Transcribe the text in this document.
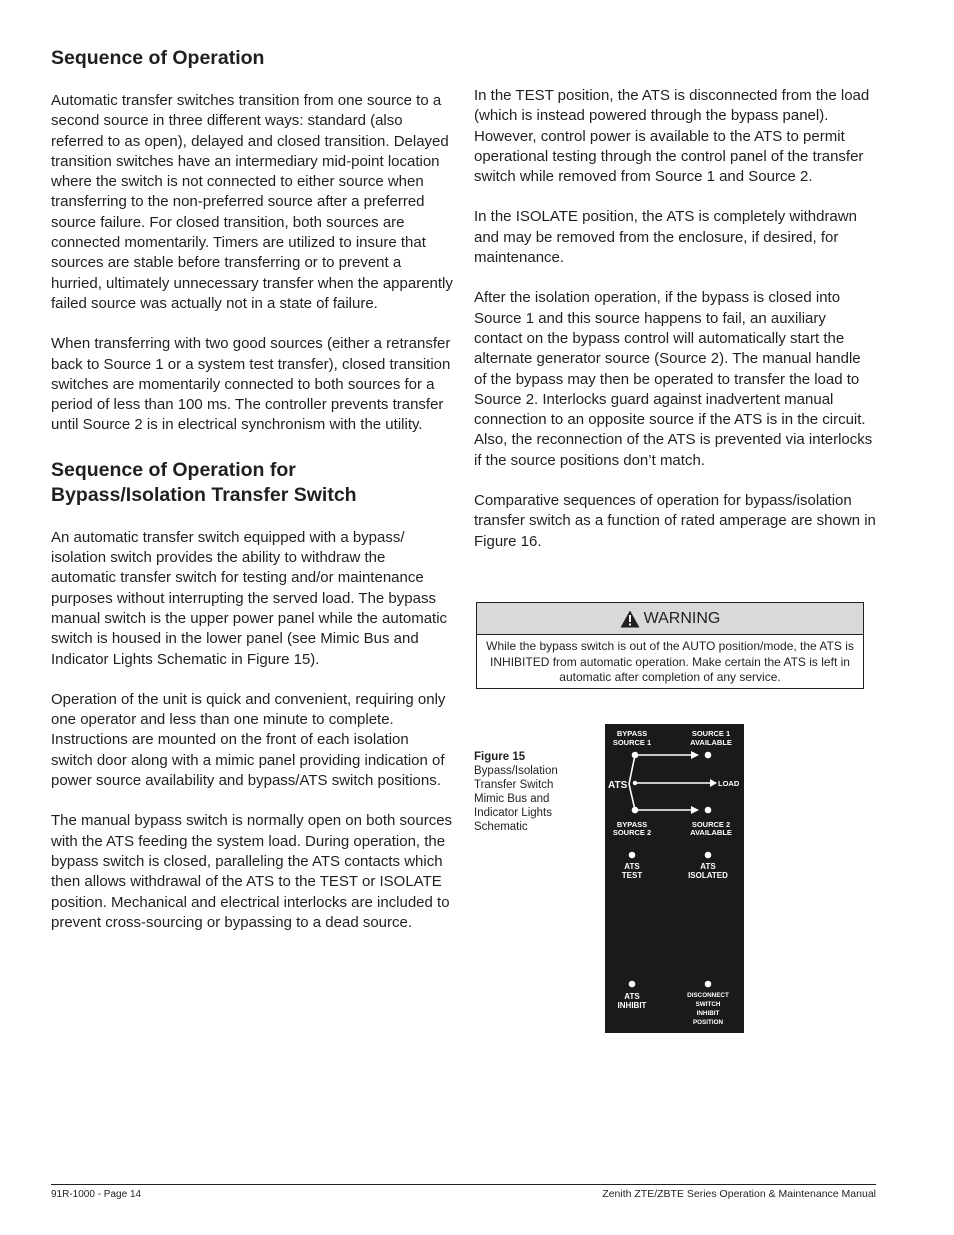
Sequence of Operation

Automatic transfer switches transition from one source to a second source in three different ways: standard (also referred to as open), delayed and closed transition. Delayed transition switches have an intermediary mid-point location where the switch is not connected to either source when transferring to the non-preferred source after a preferred source failure. For closed transition, both sources are connected momentarily. Timers are utilized to insure that sources are stable before transferring or to prevent a hurried, ultimately unnecessary transfer when the apparently failed source was actually not in a state of failure.

When transferring with two good sources (either a retransfer back to Source 1 or a system test transfer), closed transition switches are momentarily connected to both sources for a period of less than 100 ms. The controller prevents transfer until Source 2 is in electrical synchronism with the utility.

Sequence of Operation for
Bypass/Isolation Transfer Switch

An automatic transfer switch equipped with a bypass/ isolation switch provides the ability to withdraw the automatic transfer switch for testing and/or maintenance purposes without interrupting the served load. The bypass manual switch is the upper power panel while the automatic switch is housed in the lower panel (see Mimic Bus and Indicator Lights Schematic in Figure 15).

Operation of the unit is quick and convenient, requiring only one operator and less than one minute to complete. Instructions are mounted on the front of each isolation switch door along with a mimic panel providing indication of power source availability and bypass/ATS switch positions.

The manual bypass switch is normally open on both sources with the ATS feeding the system load. During operation, the bypass switch is closed, paralleling the ATS contacts which then allows withdrawal of the ATS to the TEST or ISOLATE position. Mechanical and electrical interlocks are included to prevent cross-sourcing or bypassing to a dead source.

In the TEST position, the ATS is disconnected from the load (which is instead powered through the bypass panel). However, control power is available to the ATS to permit operational testing through the control panel of the transfer switch while removed from Source 1 and Source 2.

In the ISOLATE position, the ATS is completely withdrawn and may be removed from the enclosure, if desired, for maintenance.

After the isolation operation, if the bypass is closed into Source 1 and this source happens to fail, an auxiliary contact on the bypass control will automatically start the alternate generator source (Source 2). The manual handle of the bypass may then be operated to transfer the load to Source 2. Interlocks guard against inadvertent manual connection to an opposite source if the ATS is in the circuit. Also, the reconnection of the ATS is prevented via interlocks if the source positions don’t match.

Comparative sequences of operation for bypass/isolation transfer switch as a function of rated amperage are shown in Figure 16.

WARNING
While the bypass switch is out of the AUTO position/mode, the ATS is INHIBITED from automatic operation. Make certain the ATS is left in automatic after completion of any service.
Figure 15
Bypass/Isolation
Transfer Switch
Mimic Bus and
Indicator Lights
Schematic
BYPASS
SOURCE 1
SOURCE 1
AVAILABLE
ATS	LOAD
BYPASS
SOURCE 2
SOURCE 2
AVAILABLE
ATS
TEST
ATS
ISOLATED
ATS
INHIBIT
DISCONNECT
SWITCH
INHIBIT
POSITION
91R-1000 - Page 14	Zenith ZTE/ZBTE Series Operation & Maintenance Manual
